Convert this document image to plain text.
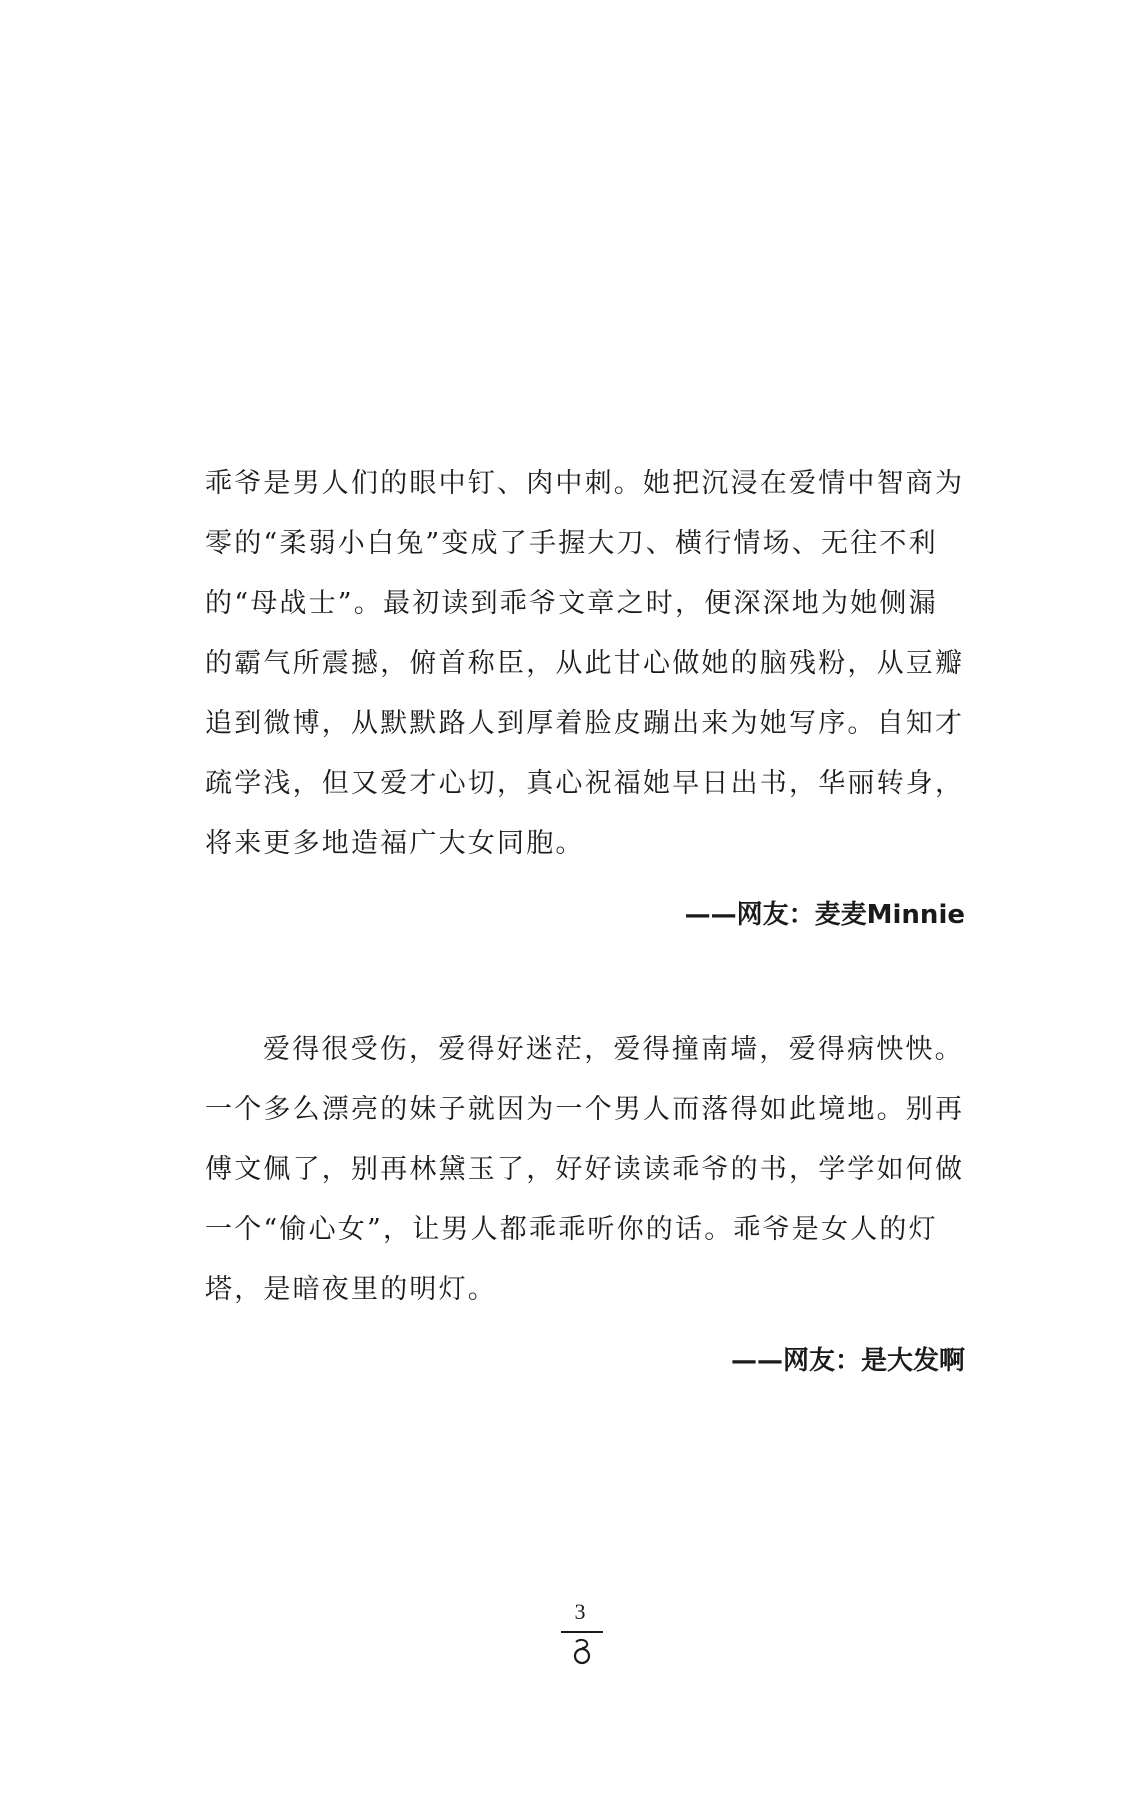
乖爷是男人们的眼中钉、肉中刺。她把沉浸在爱情中智商为
零的“柔弱小白兔”变成了手握大刀、横行情场、无往不利
的“母战士”。最初读到乖爷文章之时，便深深地为她侧漏
的霸气所震撼，俯首称臣，从此甘心做她的脑残粉，从豆瓣
追到微博，从默默路人到厚着脸皮蹦出来为她写序。自知才
疏学浅，但又爱才心切，真心祝福她早日出书，华丽转身，
将来更多地造福广大女同胞。
——网友：麦麦Minnie
爱得很受伤，爱得好迷茫，爱得撞南墙，爱得病怏怏。
一个多么漂亮的妹子就因为一个男人而落得如此境地。别再
傅文佩了，别再林黛玉了，好好读读乖爷的书，学学如何做
一个“偷心女”，让男人都乖乖听你的话。乖爷是女人的灯
塔，是暗夜里的明灯。
——网友：是大发啊
3
